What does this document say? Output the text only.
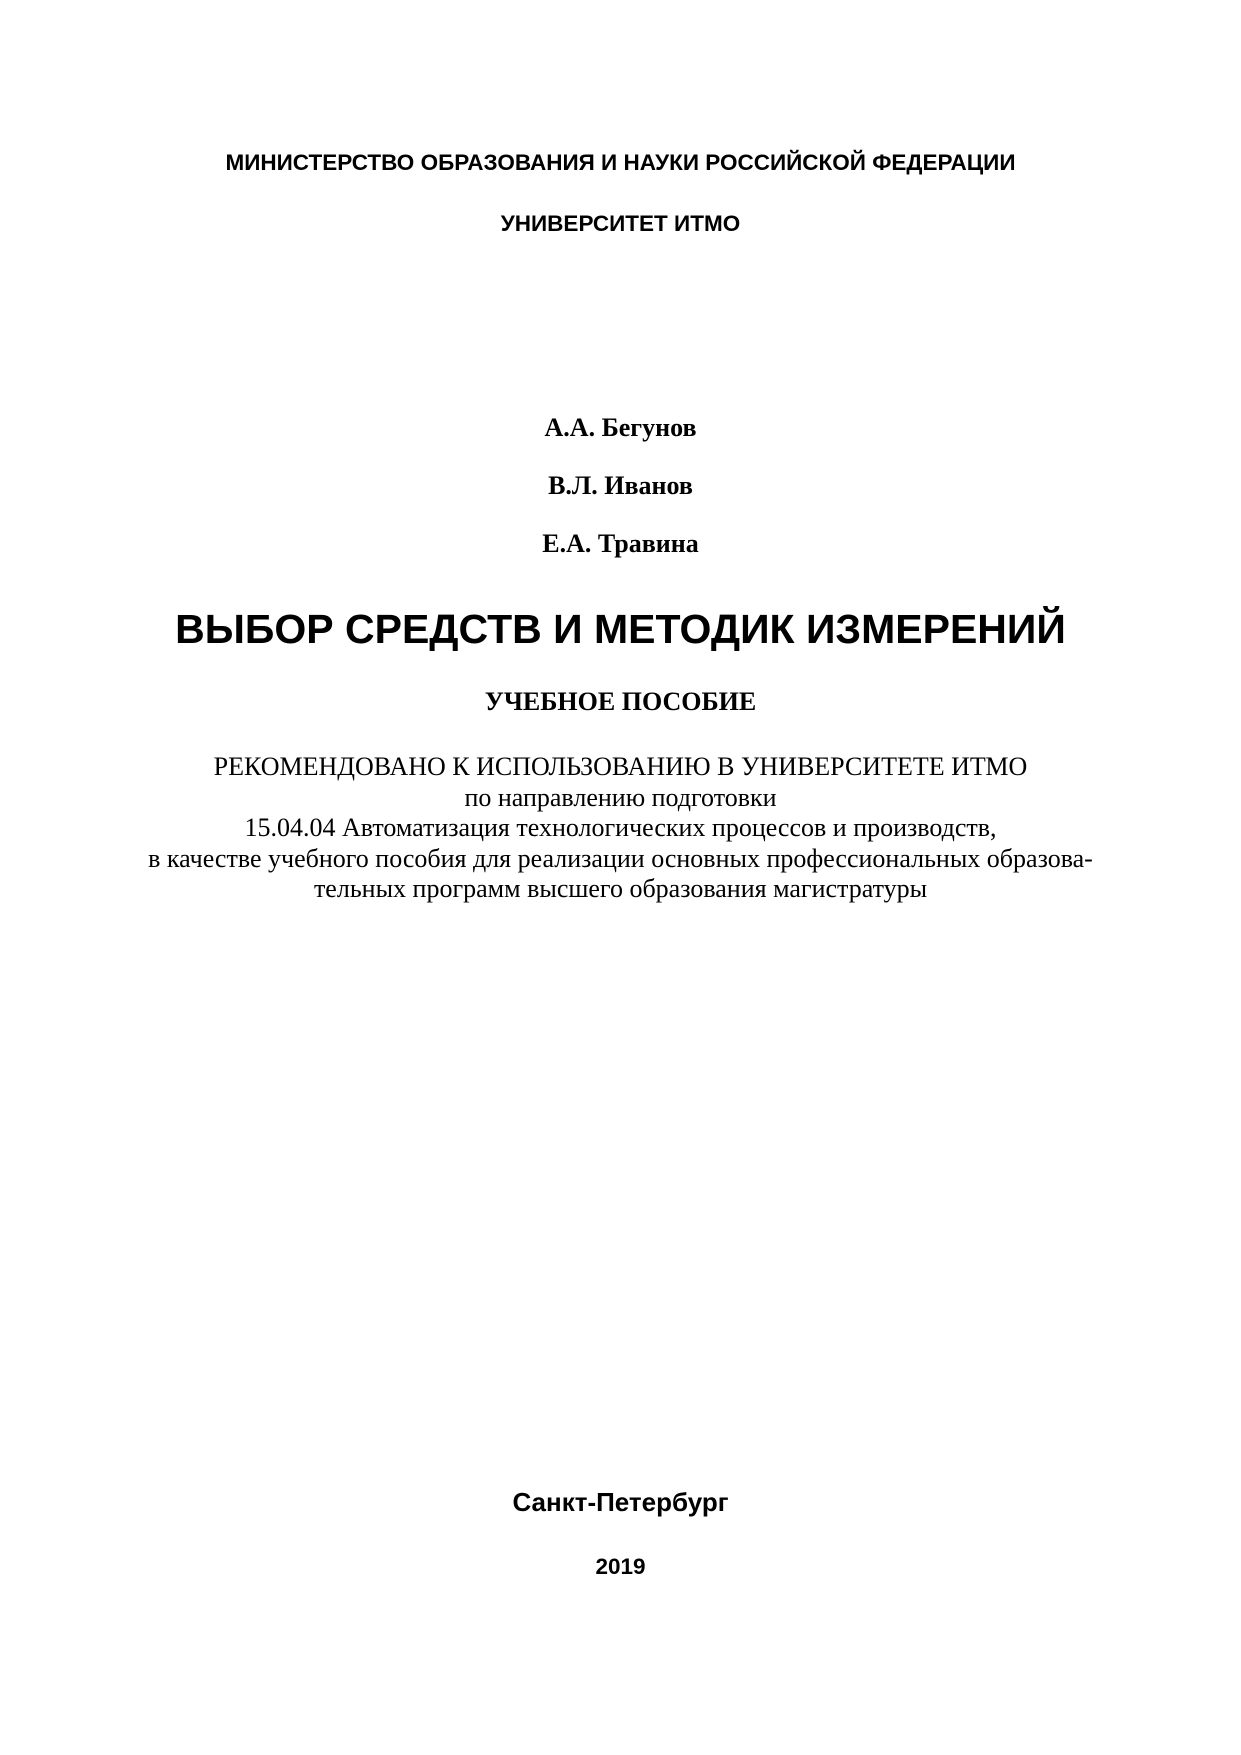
МИНИСТЕРСТВО ОБРАЗОВАНИЯ И НАУКИ РОССИЙСКОЙ ФЕДЕРАЦИИ

УНИВЕРСИТЕТ ИТМО

А.А. Бегунов

В.Л. Иванов

Е.А. Травина

ВЫБОР СРЕДСТВ И МЕТОДИК ИЗМЕРЕНИЙ

УЧЕБНОЕ ПОСОБИЕ

РЕКОМЕНДОВАНО К ИСПОЛЬЗОВАНИЮ В УНИВЕРСИТЕТЕ ИТМО
по направлению подготовки
15.04.04 Автоматизация технологических процессов и производств,
в качестве учебного пособия для реализации основных профессиональных образова-
тельных программ высшего образования магистратуры

Санкт-Петербург

2019
